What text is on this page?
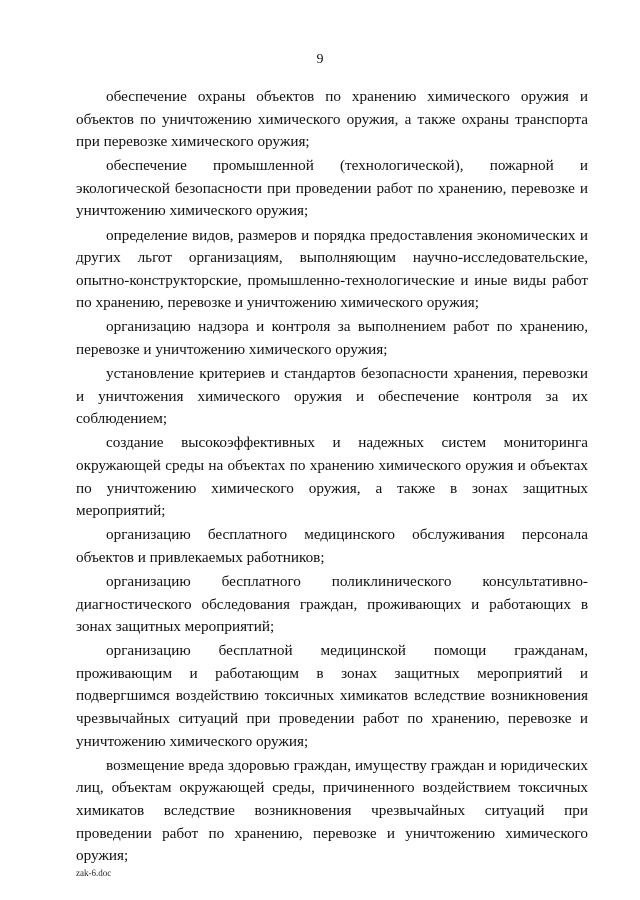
9

обеспечение охраны объектов по хранению химического оружия и объектов по уничтожению химического оружия, а также охраны транспорта при перевозке химического оружия;

обеспечение промышленной (технологической), пожарной и экологической безопасности при проведении работ по хранению, перевозке и уничтожению химического оружия;

определение видов, размеров и порядка предоставления экономических и других льгот организациям, выполняющим научно-исследовательские, опытно-конструкторские, промышленно-технологические и иные виды работ по хранению, перевозке и уничтожению химического оружия;

организацию надзора и контроля за выполнением работ по хранению, перевозке и уничтожению химического оружия;

установление критериев и стандартов безопасности хранения, перевозки и уничтожения химического оружия и обеспечение контроля за их соблюдением;

создание высокоэффективных и надежных систем мониторинга окружающей среды на объектах по хранению химического оружия и объектах по уничтожению химического оружия, а также в зонах защитных мероприятий;

организацию бесплатного медицинского обслуживания персонала объектов и привлекаемых работников;

организацию бесплатного поликлинического консультативно-диагностического обследования граждан, проживающих и работающих в зонах защитных мероприятий;

организацию бесплатной медицинской помощи гражданам, проживающим и работающим в зонах защитных мероприятий и подвергшимся воздействию токсичных химикатов вследствие возникновения чрезвычайных ситуаций при проведении работ по хранению, перевозке и уничтожению химического оружия;

возмещение вреда здоровью граждан, имуществу граждан и юридических лиц, объектам окружающей среды, причиненного воздействием токсичных химикатов вследствие возникновения чрезвычайных ситуаций при проведении работ по хранению, перевозке и уничтожению химического оружия;

zak-6.doc
